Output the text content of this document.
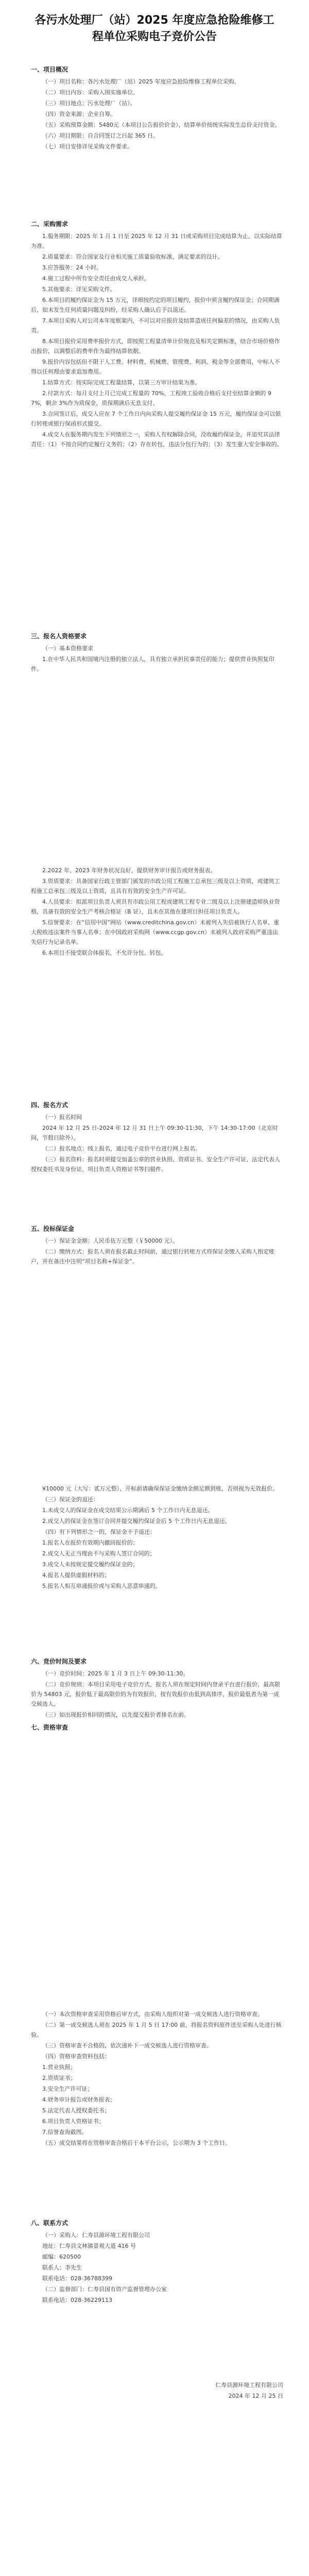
各污水处理厂（站）2025 年度应急抢险维修工程单位采购电子竞价公告

一、项目概况

（一）项目名称：各污水处理厂（站）2025 年度应急抢险维修工程单位采购。

（二）项目内容：采购入围实施单位。

（三）项目地点：污水处理厂（站）。

（四）资金来源：企业自筹。

（五）采购预算金额：5480元（本项目公告报价价金），结算单价按统实际发生总价支付资金。

（六）项目期限：自合同签订之日起 365 日。

（七）项目安排详见采购文件要求。

二、采购需求

1.服务期限：2025 年 1 月 1 日至 2025 年 12 月 31 日或采购项目完成结算为止，以实际结算为准。

2.质量要求：符合国家及行业相关施工质量验收标准，满足要求的设计。

3.应答服务：24 小时。

4.施工过程中所有安全责任由成交人承担。

5.其他要求：详见采购文件。

6.本项目的履约保证金为 15 万元，详细按约定的项目履约，报价中须含履约保证金；合同期满后，如未发生任何质量问题及纠纷，经采购人确认后予以退还。

7.本项目采购人对公司本年度框架内，不可以对应报价及结算造成任何偏差的情况，由采购人负责。

8.本项目报价采用费率报价方式，即按照工程量清单计价规范及相关定额标准，结合市场价格作出报价，以调整后的费率作为最终结算依据。

9.报价内容包括但不限于人工费、材料费、机械费、管理费、利润、税金等全部费用，中标人不得以任何理由要求追加费用。

1.结算方式：按实际完成工程量结算，以第三方审计结果为准。

2.付款方式：每月支付上月已完成工程量的 70%，工程竣工验收合格后支付至结算金额的 97%，剩余 3%作为质保金，质保期满后无息支付。

3.合同签订后，成交人应在 7 个工作日内向采购人提交履约保证金 15 万元，履约保证金可以银行转账或银行保函形式提交。

4.成交人在服务期内发生下列情形之一，采购人有权解除合同，没收履约保证金，并追究其法律责任：（1）不按合同约定履行义务的；（2）存在转包、违法分包行为的；（3）发生重大安全事故的。

三、报名人资格要求

（一）基本资格要求

1.在中华人民共和国境内注册的独立法人，具有独立承担民事责任的能力；提供营业执照复印件。

2.2022 年、2023 年财务状况良好，提供财务审计报告或财务报表。

3.资质要求：具备国家行政主管部门颁发的市政公用工程施工总承包三级及以上资质，或建筑工程施工总承包三级及以上资质，且具有有效的安全生产许可证。

4.人员要求：拟派项目负责人须具有市政公用工程或建筑工程专业二级及以上注册建造师执业资格，具备有效的安全生产考核合格证（B 证），且未在其他在建项目担任项目负责人。

5.信誉要求：在“信用中国”网站（www.creditchina.gov.cn）未被列入失信被执行人名单、重大税收违法案件当事人名单；在中国政府采购网（www.ccgp.gov.cn）未被列入政府采购严重违法失信行为记录名单。

6.本项目不接受联合体报名，不允许分包、转包。

四、报名方式

（一）报名时间

2024 年 12 月 25 日-2024 年 12 月 31 日上午 09:30-11:30，下午 14:30-17:00（北京时间，节假日除外）。

（二）报名地点：线上报名，通过电子竞价平台进行网上报名。

（三）报名资料：报名时须提交加盖公章的营业执照、资质证书、安全生产许可证、法定代表人授权委托书及身份证、项目负责人资格证书等扫描件。

五、投标保证金

（一）保证金金额：人民币伍万元整（￥50000 元）。

（二）缴纳方式：报名人须在报名截止时间前，通过银行转账方式将保证金缴入采购人指定账户，并在备注中注明“项目名称+保证金”。

¥10000 元（大写：贰万元整），开标前请确保保证金缴纳金额足额到账，否则视为无效报价。

（三）保证金的退还：

1.未成交人的保证金在成交结果公示期满后 5 个工作日内无息退还。

2.成交人的保证金在签订合同并提交履约保证金后 5 个工作日内无息退还。

（四）有下列情形之一的，保证金不予退还：

1.报名人在报价有效期内撤回报价的；

2.成交人无正当理由不与采购人签订合同的；

3.成交人未按规定提交履约保证金的；

4.报名人提供虚假材料的；

5.报名人相互串通报价或与采购人恶意串通的。

六、竞价时间及要求

（一）竞价时间：2025 年 1 月 3 日上午 09:30-11:30。

（二）竞价规则：本项目采用电子竞价方式，报名人须在规定时间内登录平台进行报价，最高限价为 54803 元，报价低于最高限价的为有效报价，按有效报价由低到高排序，报价最低者为第一成交候选人。

（三）如出现报价相同的情况，以先提交报价者排名在前。

七、资格审查

（一）本次资格审查采用资格后审方式，由采购人组织对第一成交候选人进行资格审查。

（二）第一成交候选人须在 2025 年 1 月 5 日 17:00 前，将报名资料原件送至采购人处进行核验。

（三）资格审查不合格的，依次递补下一成交候选人进行资格审查。

（四）资格审查资料包括：

1.营业执照；

2.资质证书；

3.安全生产许可证；

4.财务审计报告或财务报表；

5.法定代表人授权委托书；

6.项目负责人资格证书；

7.信誉查询截图。

（五）成交结果将在资格审查合格后于本平台公示，公示期为 3 个工作日。

八、联系方式

（一）采购人：仁寿县源环境工程有限公司

地址：仁寿县文林镇景观大道 416 号

邮编：620500

联系人：李先生

联系电话：028-36788399

（二）监督部门：仁寿县国有资产监督管理办公室

联系电话：028-36229113

仁寿县源环境工程有限公司

2024 年 12 月 25 日
